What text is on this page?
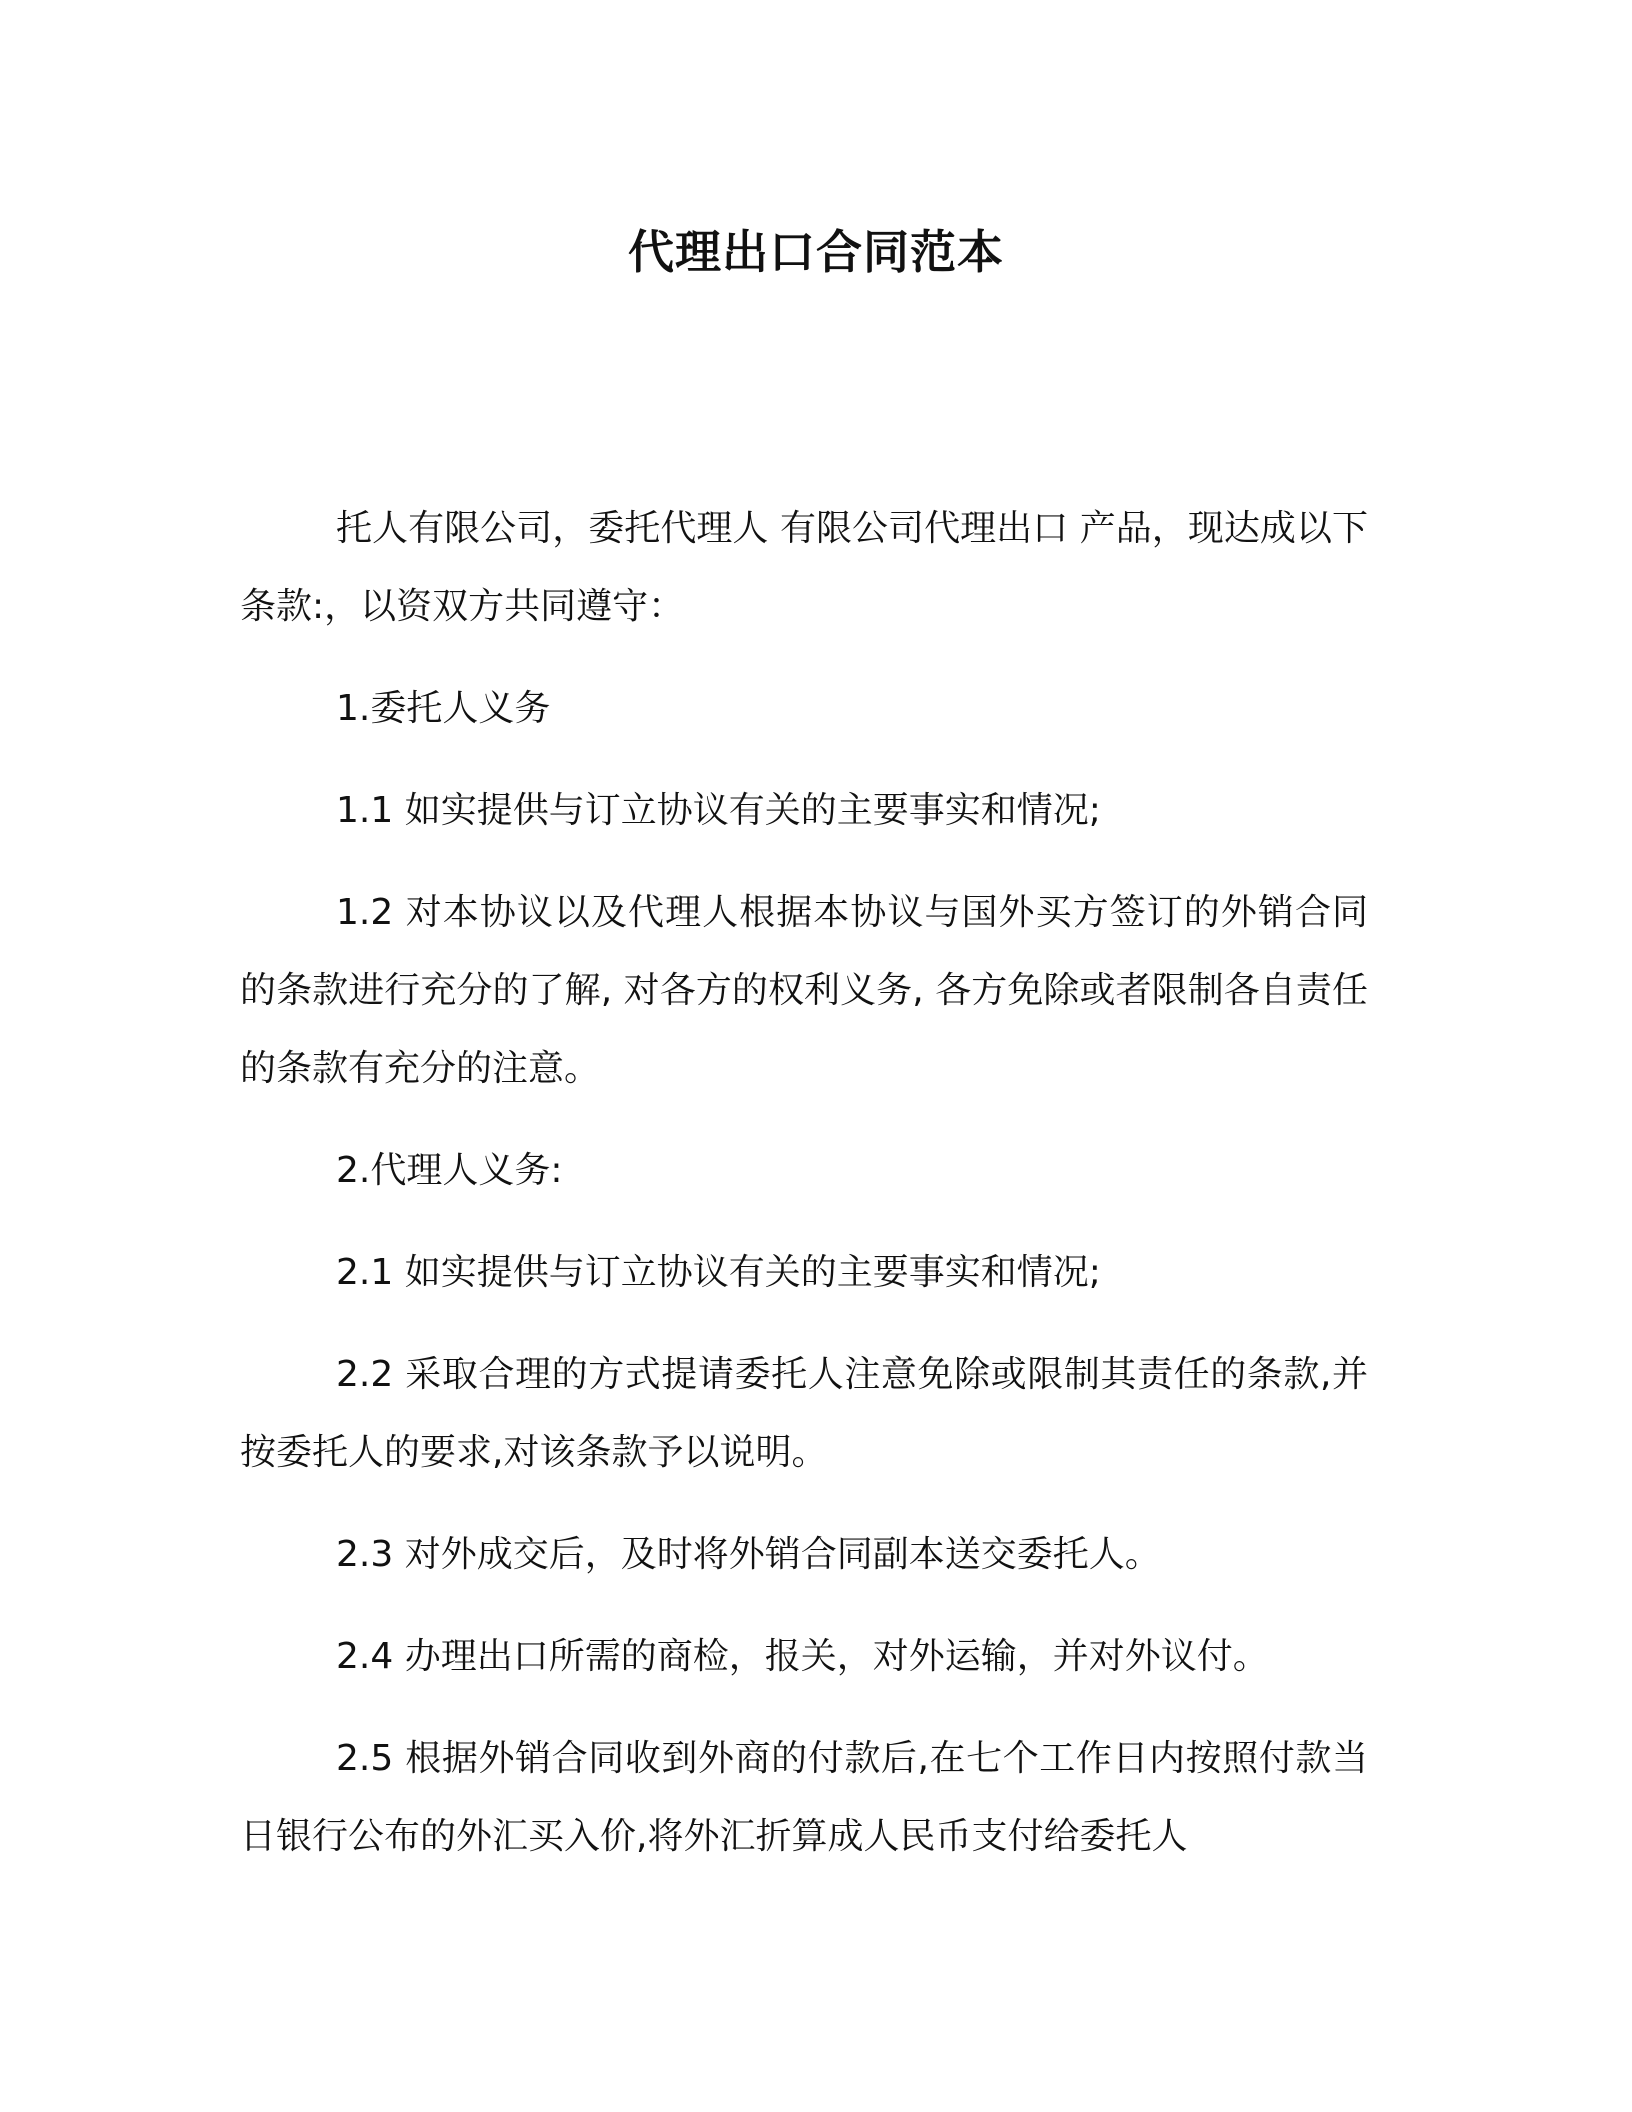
代理出口合同范本

托人有限公司，委托代理人 有限公司代理出口 产品，现达成以下条款:，以资双方共同遵守：

1.委托人义务

1.1 如实提供与订立协议有关的主要事实和情况;

1.2 对本协议以及代理人根据本协议与国外买方签订的外销合同的条款进行充分的了解, 对各方的权利义务, 各方免除或者限制各自责任的条款有充分的注意。

2.代理人义务:

2.1 如实提供与订立协议有关的主要事实和情况;

2.2 采取合理的方式提请委托人注意免除或限制其责任的条款,并按委托人的要求,对该条款予以说明。

2.3 对外成交后，及时将外销合同副本送交委托人。

2.4 办理出口所需的商检，报关，对外运输，并对外议付。

2.5 根据外销合同收到外商的付款后,在七个工作日内按照付款当日银行公布的外汇买入价,将外汇折算成人民币支付给委托人
